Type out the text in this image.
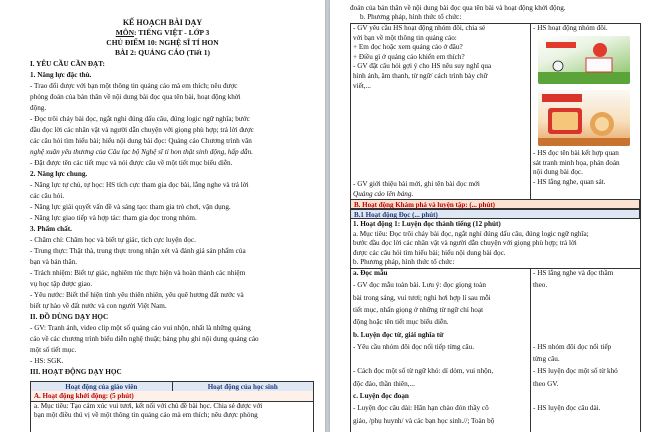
KẾ HOẠCH BÀI DẠY
MÔN: TIẾNG VIỆT - LỚP 3
CHỦ ĐIỂM 10: NGHỆ SĨ TÍ HON
BÀI 2: QUẢNG CÁO (Tiết 1)
I. YÊU CẦU CẦN ĐẠT:
1. Năng lực đặc thù.
- Trao đổi được với bạn một thông tin quảng cáo mà em thích; nêu được
phỏng đoán của bản thân về nội dung bài đọc qua tên bài, hoạt động khởi
động.
- Đọc trôi chảy bài đọc, ngắt nghỉ đúng dấu câu, đúng logic ngữ nghĩa; bước
đầu đọc lời các nhân vật và người dẫn chuyện với giọng phù hợp; trả lời được
các câu hỏi tìm hiểu bài; hiểu nội dung bài đọc: Quảng cáo Chương trình văn
nghệ xuân yêu thương của Câu lạc bộ Nghệ sĩ tí hon thật sinh động, hấp dẫn.
- Đặt được tên các tiết mục và nói được câu về một tiết mục biểu diễn.
2. Năng lực chung.
- Năng lực tự chủ, tự học: HS tích cực tham gia đọc bài, lắng nghe và trả lời
các câu hỏi.
- Năng lực giải quyết vấn đề và sáng tạo: tham gia trò chơi, vận dụng.
- Năng lực giao tiếp và hợp tác: tham gia đọc trong nhóm.
3. Phẩm chất.
- Chăm chỉ: Chăm học và biết tự giác, tích cực luyện đọc.
- Trung thực: Thật thà, trung thực trong nhận xét và đánh giá sản phẩm của
bạn và bản thân.
- Trách nhiệm: Biết tự giác, nghiêm túc thực hiện và hoàn thành các nhiệm
vụ học tập được giao.
- Yêu nước: Biết thể hiện tình yêu thiên nhiên, yêu quê hương đất nước và
biết tự hào về đất nước và con người Việt Nam.
II. ĐỒ DÙNG DẠY HỌC
- GV: Tranh ảnh, video clip một số quảng cáo vui nhộn, nhất là những quảng
cáo về các chương trình biểu diễn nghệ thuật; bảng phụ ghi nội dung quảng cáo
một số tiết mục.
- HS: SGK.
III. HOẠT ĐỘNG DẠY HỌC
Hoạt động của giáo viên	Hoạt động của học sinh
A. Hoạt động khởi động: (5 phút)
a. Mục tiêu: Tạo cảm xúc vui tươi, kết nối với chủ đề bài học. Chia sẻ được với
bạn một điều thú vị về một thông tin quảng cáo mà em thích; nêu được phỏng
đoán của bản thân về nội dung bài đọc qua tên bài và hoạt động khởi động.
b. Phương pháp, hình thức tổ chức:
- GV yêu cầu HS hoạt động nhóm đôi, chia sẻ
với bạn về một thông tin quảng cáo:
+ Em đọc hoặc xem quảng cáo ở đâu?
+ Điều gì ở quảng cáo khiến em thích?
- GV đặt câu hỏi gợi ý cho HS nêu suy nghĩ qua
hình ảnh, âm thanh, từ ngữ/ cách trình bày chữ
viết,...
- HS hoạt động nhóm đôi.
- HS đọc tên bài kết hợp quan
sát tranh minh họa, phán đoán
nội dung bài đọc.
- HS lắng nghe, quan sát.
- GV giới thiệu bài mới, ghi tên bài đọc mới
Quảng cáo lên bảng.
B. Hoạt động Khám phá và luyện tập: (... phút)
B.1 Hoạt động Đọc (... phút)
1. Hoạt động 1: Luyện đọc thành tiếng (12 phút)
a. Mục tiêu: Đọc trôi chảy bài đọc, ngắt nghỉ đúng dấu câu, đúng logic ngữ nghĩa;
bước đầu đọc lời các nhân vật và người dẫn chuyện với giọng phù hợp; trả lời
được các câu hỏi tìm hiểu bài; hiểu nội dung bài đọc.
b. Phương pháp, hình thức tổ chức:
a. Đọc mẫu
- GV đọc mẫu toàn bài. Lưu ý: đọc giọng toàn
bài trong sáng, vui tươi; nghỉ hơi hợp lí sau mỗi
tiết mục, nhấn giọng ở những từ ngữ chỉ hoạt
động hoặc tên tiết mục biểu diễn.
b. Luyện đọc từ, giải nghĩa từ
- Yêu cầu nhóm đôi đọc nối tiếp từng câu.
- Cách đọc một số từ ngữ khó: dí dỏm, vui nhộn,
độc đáo, thần thiên,...
c. Luyện đọc đoạn
- Luyện đọc câu dài: Hân hạn chào đón thầy cô
giáo, /phụ huynh/ và các bạn học sinh.//; Toàn bộ
- HS lắng nghe và đọc thầm
theo.
- HS nhóm đôi đọc nối tiếp
từng câu.
- HS luyện đọc một số từ khó
theo GV.
- HS luyện đọc câu dài.
